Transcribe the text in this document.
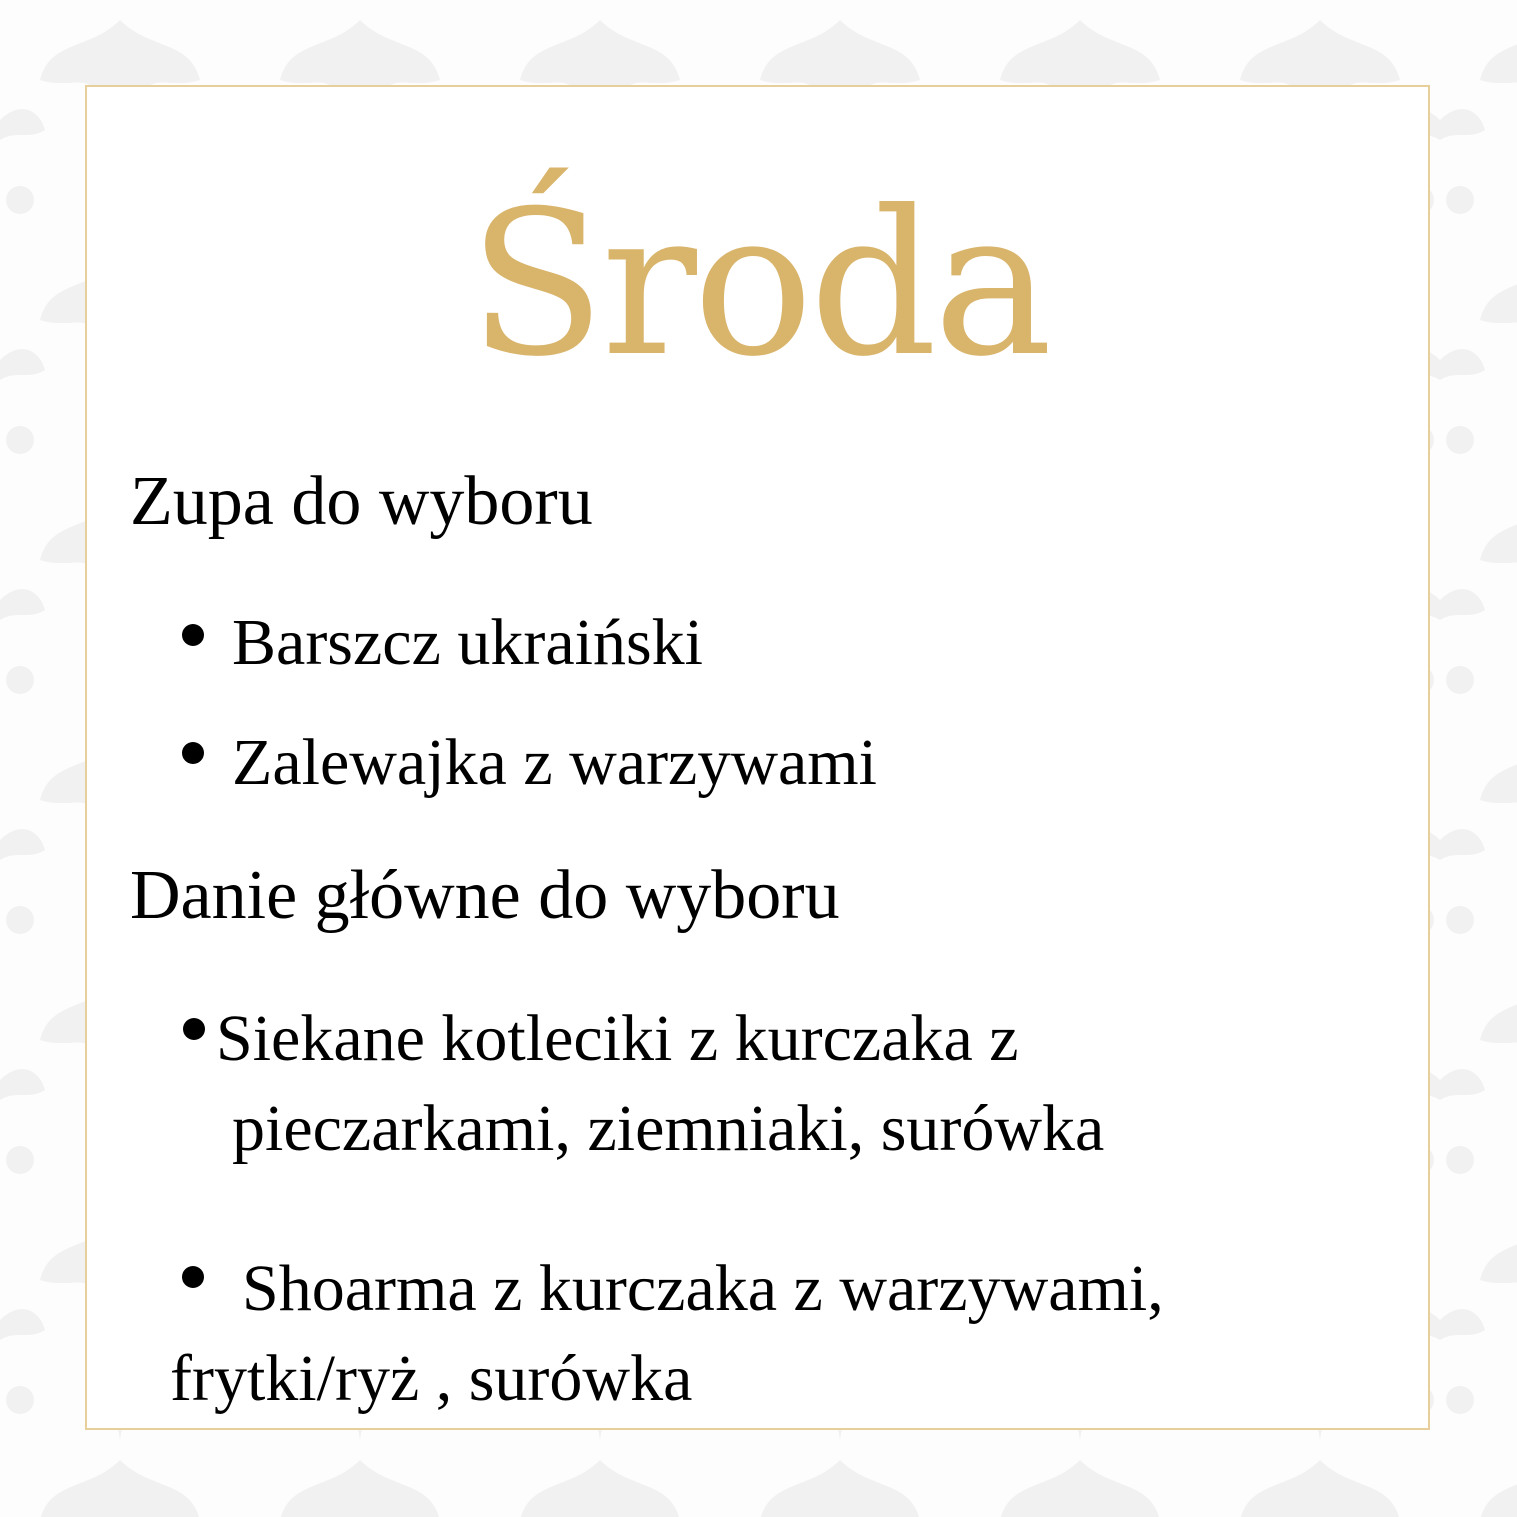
Środa
Zupa do wyboru

Barszcz ukraiński

Zalewajka z warzywami

Danie główne do wyboru

Siekane kotleciki z kurczaka z

pieczarkami, ziemniaki, surówka

Shoarma z kurczaka z warzywami,

frytki/ryż , surówka
